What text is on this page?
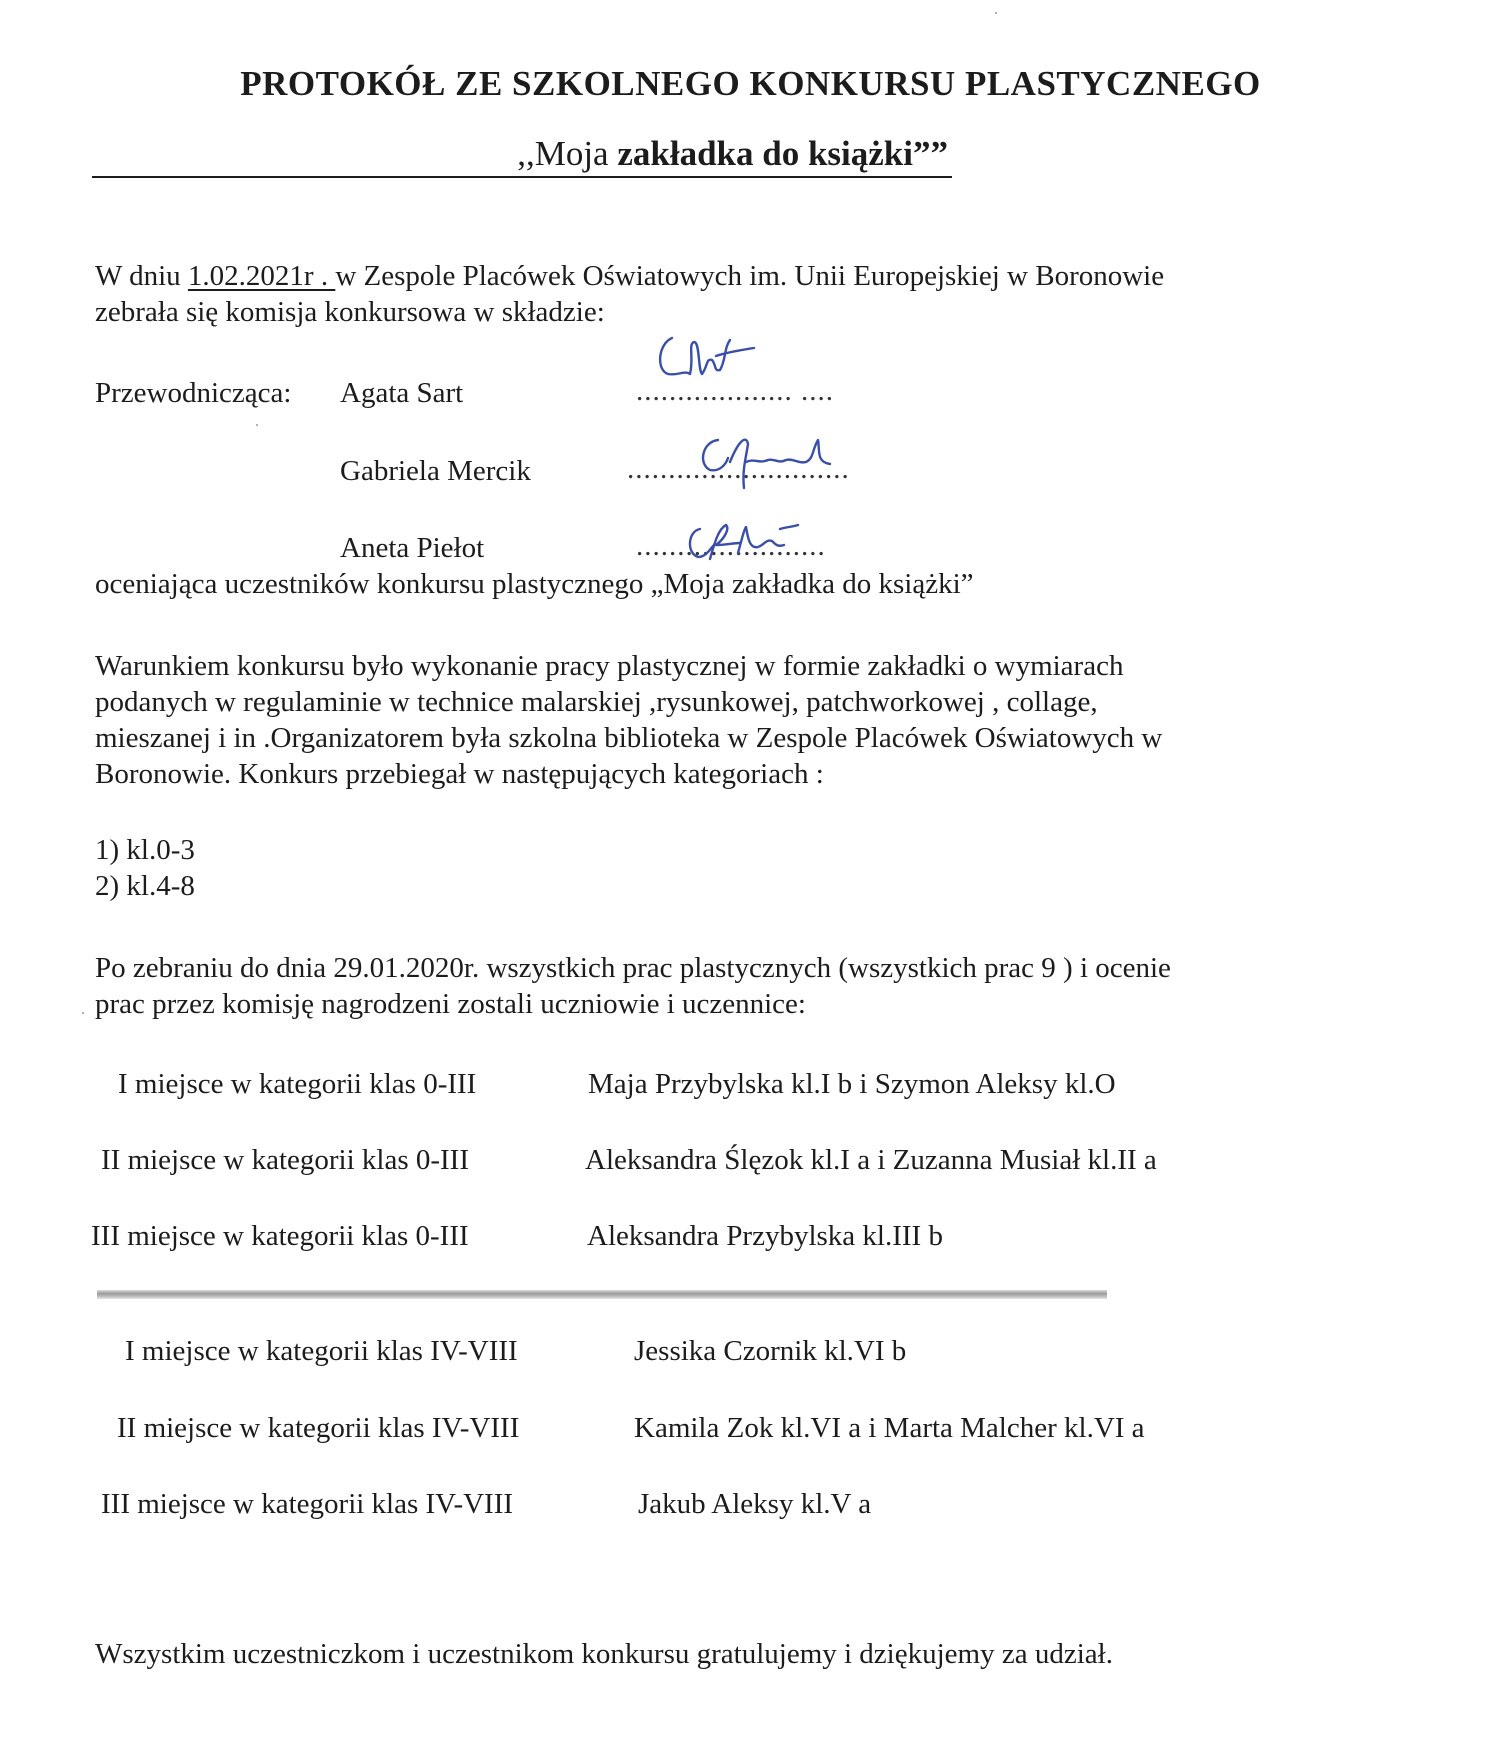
PROTOKÓŁ ZE SZKOLNEGO KONKURSU PLASTYCZNEGO
,,Moja zakładka do książki””
W dniu 1.02.2021r . w Zespole Placówek Oświatowych im. Unii Europejskiej w Boronowie
zebrała się komisja konkursowa w składzie:
Przewodnicząca: Agata Sart	................... ....
Gabriela Mercik	...........................
Aneta Piełot	.......................
oceniająca uczestników konkursu plastycznego „Moja zakładka do książki”
Warunkiem konkursu było wykonanie pracy plastycznej w formie zakładki o wymiarach
podanych w regulaminie w technice malarskiej ,rysunkowej, patchworkowej , collage,
mieszanej i in .Organizatorem była szkolna biblioteka w Zespole Placówek Oświatowych w
Boronowie. Konkurs przebiegał w następujących kategoriach :
1) kl.0-3
2) kl.4-8
Po zebraniu do dnia 29.01.2020r. wszystkich prac plastycznych (wszystkich prac 9 ) i ocenie
prac przez komisję nagrodzeni zostali uczniowie i uczennice:
I miejsce w kategorii klas 0-III	Maja Przybylska kl.I b i Szymon Aleksy kl.O
II miejsce w kategorii klas 0-III	Aleksandra Ślęzok kl.I a i Zuzanna Musiał kl.II a
III miejsce w kategorii klas 0-III	Aleksandra Przybylska kl.III b
I miejsce w kategorii klas IV-VIII	Jessika Czornik kl.VI b
II miejsce w kategorii klas IV-VIII	Kamila Zok kl.VI a i Marta Malcher kl.VI a
III miejsce w kategorii klas IV-VIII	Jakub Aleksy kl.V a
Wszystkim uczestniczkom i uczestnikom konkursu gratulujemy i dziękujemy za udział.
